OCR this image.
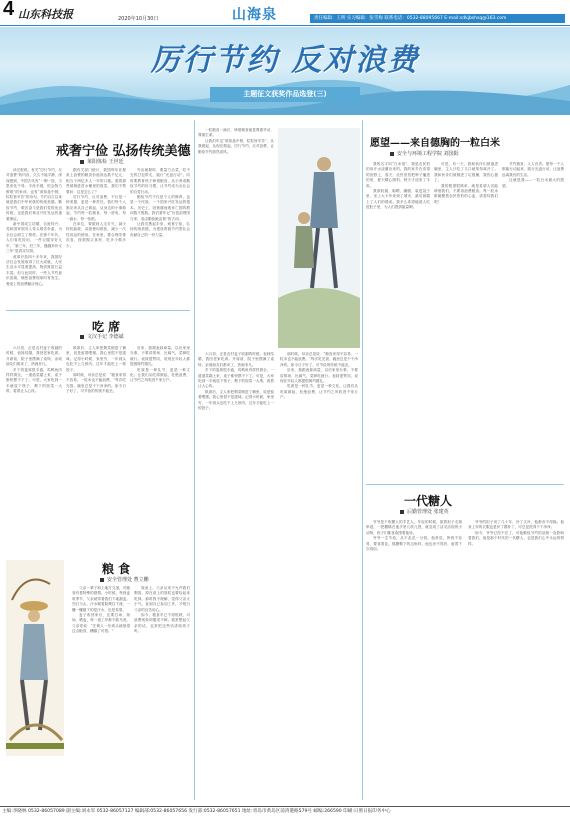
4 山东科技报	2020年10月30日	山海泉	责任编辑：王明 实习编辑：张雪梅 联系电话：0532-88095667 E-mail:sdkjbshsq@163.com
厉行节约 反对浪费
主题征文获奖作品选登(三)
戒奢宁俭 弘扬传统美德
莱阳体检 王世廷

读完报纸，有关“厉行节约，反对浪费”的内容，久久不能平静，深深感到，中国古代有“一粥一饭，当思来处不易；半丝半缕，恒念物力维艰”的家训，也有“谁知盘中餐，粒粒皆辛苦”的诗句，节约自古以来就是我们中华民族的传统美德。勤俭节约、艰苦奋斗是我们党的优良传统，也是我们事业兴旺发达的重要保证。

新中国成立初期，百废待兴，党和国家领导人带头艰苦朴素，为全社会树立了榜样。在那个年代，人们省吃俭用，一件衣服穿好几年，“新三年，旧三年，缝缝补补又三年”是真实写照。

改革开放四十多年来，我国经济社会发展取得了巨大成就，人民生活水平显著提高，物质财富日益丰富。但与此同时，一些人节约意识淡薄，铺张浪费现象时有发生。餐桌上的浪费触目惊心。

据有关部门统计，我国每年在餐桌上浪费的粮食价值高达数千亿元，相当于两亿多人一年的口粮。看着那些被倒进泔水桶里的饭菜，我们不禁要问：这是怎么了？

厉行节约、反对浪费，不仅是一种美德，更是一种责任。我们每个人都应该从自己做起，从身边的小事做起，节约每一粒粮食、每一度电、每一滴水、每一张纸。

在单位，要做到人走灯灭，减少待机能耗；双面使用纸张，减少一次性用品的使用。在家里，要合理安排饮食，按需购买食材，吃多少做多少。

外出就餐时，要量力点菜，吃不完的打包带走，践行“光盘行动”。同时要教育孩子珍惜粮食，从小养成勤俭节约的好习惯，让节约成为全社会的自觉行动。

勤俭节约不仅是个人的修养，也是一个民族、一个国家兴旺发达的根本。历史上，因奢靡而败家亡国的教训数不胜数。我们要牢记“历览前贤国与家，成由勤俭破由奢”的古训。

让我们携起手来，戒奢宁俭，弘扬传统美德，为建设资源节约型社会贡献自己的一份力量。

吃 席
文汉手记 李德斌

六月初，正是农村麦子收割的时候，表妹结婚，我回老家吃席。开席前，院子里摆满了桌椅，亲戚朋友们都来了，热闹非凡。

乡下的宴席很丰盛，鸡鸭鱼肉样样俱全，一道道菜端上来，桌子都快摆不下了。可是，大家吃到一半就放下筷子，剩下的饭菜一大堆，看着让人心疼。

散席后，主人家把剩菜倒进了桶里，说是留着喂猪。我心里很不是滋味。记得小时候，家里穷，一年到头也吃不上几顿肉，过年才能吃上一顿饺子。

那时候，母亲总是说：“粮食来得不容易，一粒米也不能浪费。”每次吃完饭，碗里总是干干净净的。如今日子好了，可节俭的传统不能丢。

后来，我跟表妹商量，以后家里办事，不要讲排场、比阔气，菜够吃就行。表妹很赞同，说现在年轻人都提倡简约婚礼。

吃席是一种礼节，更是一种文化。让我们从吃席做起，杜绝浪费，让节约之风吹进千家万户。

粮 食
安全管理处 曹立鹏

父亲一辈子和土地打交道，对粮食有着特殊的感情。小时候，每到麦收季节，父亲就带着我们下地割麦。烈日当头，汗水顺着脸颊往下流，一镰一镰割下的是汗水，也是希望。

麦子收回家后，还要打场、扬场、晒麦，每一道工序都不敢马虎。父亲常说：“庄稼人一年到头就指望这点粮食，糟蹋了可惜。”

饭桌上，父亲从来不允许我们剩饭，掉在桌上的饭粒也要捡起来吃掉。那时我不理解，觉得父亲太小气。直到自己参加工作，才明白父亲的良苦用心。

如今，粮食早已不再短缺，可浪费现象却屡见不鲜。我常想起父亲的话，也常把这些话讲给孩子听。

一粒粮食一滴汗，珍惜粮食就是尊重劳动、尊重生命。

让我们牢记“谁知盘中餐，粒粒皆辛苦”，从我做起，从现在做起，厉行节约，反对浪费，让勤俭节约蔚然成风。

六月初，正是农村麦子收割的时候，表妹结婚，我回老家吃席。开席前，院子里摆满了桌椅，亲戚朋友们都来了，热闹非凡。

乡下的宴席很丰盛，鸡鸭鱼肉样样俱全，一道道菜端上来，桌子都快摆不下了。可是，大家吃到一半就放下筷子，剩下的饭菜一大堆，看着让人心疼。

散席后，主人家把剩菜倒进了桶里，说是留着喂猪。我心里很不是滋味。记得小时候，家里穷，一年到头也吃不上几顿肉，过年才能吃上一顿饺子。

那时候，母亲总是说：“粮食来得不容易，一粒米也不能浪费。”每次吃完饭，碗里总是干干净净的。如今日子好了，可节俭的传统不能丢。

后来，我跟表妹商量，以后家里办事，不要讲排场、比阔气，菜够吃就行。表妹很赞同，说现在年轻人都提倡简约婚礼。

吃席是一种礼节，更是一种文化。让我们从吃席做起，杜绝浪费，让节约之风吹进千家万户。

愿望——来自德胸的一粒白米
安全与环境工程学院 刘国阳

我的名字叫“白米饭”，我是农民伯伯用汗水浇灌出来的。我的家乡在希望的田野上，春天，农民伯伯把种子播进田里，夏天精心照料，秋天才迎来了丰收。

我被收割、晾晒、碾磨，装进袋子里，坐上大卡车来到了城市，最后被端上了人们的餐桌。我多么希望能被人吃进肚子里，为人们提供能量啊。

可是，有一天，我和伙伴们被盛进碗里，主人只吃了几口就匆匆离开了。我和伙伴们被倒进了垃圾桶，我伤心极了。

我的愿望很简单，就是希望人们能珍惜我们，不要再浪费粮食。每一粒米都凝聚着农民伯伯的心血，请善待我们吧！

节约粮食，人人有责。愿每一个人都能行动起来，践行光盘行动，让浪费远离我们的生活。

这就是我——一粒白米最大的愿望。

一代糖人
后勤管理处 张建英

爷爷是个吹糖人的手艺人，年轻的时候，挑着担子走街串巷，一把糖稀在他手里几吹几捏，就变成了活灵活现的小动物，孩子们都喜欢围着他转。

爷爷一生节俭，从不乱花一分钱。他常说，挣钱不容易，要省着花。熬糖剩下的边角料，他也舍不得扔，留着下次再用。

爷爷的担子用了几十年，补了又补，他都舍不得换。他身上穿的衣服也是补丁摞补丁，可总是洗得干干净净。

如今，爷爷已经不在了，可他勤俭节约的品格一直影响着我们。他是那个时代的一代糖人，也是我们心中永远的榜样。

主编:李晓林 0532-86057089 副主编:刘永军 0532-86057127 编辑部:0532-86057656 发行部:0532-86057651 地址:青岛市黄岛区前湾港路579号 邮编:266590 印刷:日照日报印务中心
